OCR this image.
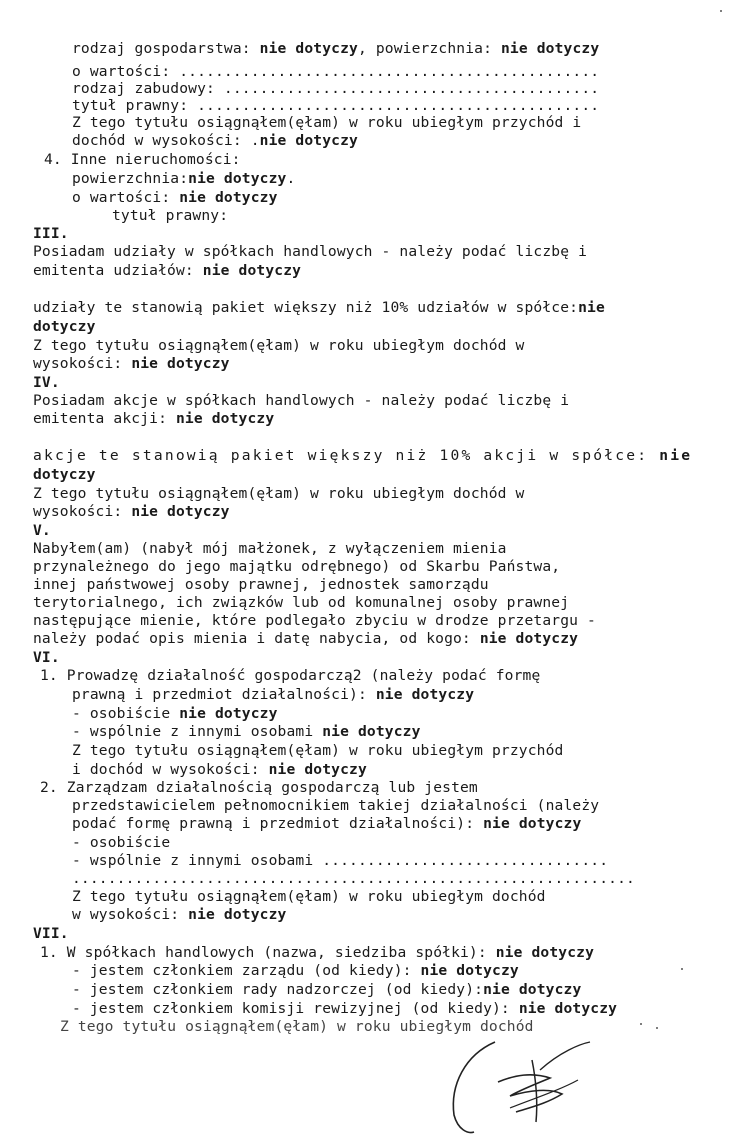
rodzaj gospodarstwa: nie dotyczy, powierzchnia: nie dotyczy
o wartości: ...............................................
rodzaj zabudowy: ..........................................
tytuł prawny: .............................................
Z tego tytułu osiągnąłem(ęłam) w roku ubiegłym przychód i
dochód w wysokości: .nie dotyczy
4. Inne nieruchomości:
powierzchnia:nie dotyczy.
o wartości: nie dotyczy
tytuł prawny:
III.
Posiadam udziały w spółkach handlowych - należy podać liczbę i
emitenta udziałów: nie dotyczy
udziały te stanowią pakiet większy niż 10% udziałów w spółce:nie
dotyczy
Z tego tytułu osiągnąłem(ęłam) w roku ubiegłym dochód w
wysokości: nie dotyczy
IV.
Posiadam akcje w spółkach handlowych - należy podać liczbę i
emitenta akcji: nie dotyczy
akcje te stanowią pakiet większy niż 10% akcji w spółce: nie
dotyczy
Z tego tytułu osiągnąłem(ęłam) w roku ubiegłym dochód w
wysokości: nie dotyczy
V.
Nabyłem(am) (nabył mój małżonek, z wyłączeniem mienia
przynależnego do jego majątku odrębnego) od Skarbu Państwa,
innej państwowej osoby prawnej, jednostek samorządu
terytorialnego, ich związków lub od komunalnej osoby prawnej
następujące mienie, które podlegało zbyciu w drodze przetargu -
należy podać opis mienia i datę nabycia, od kogo: nie dotyczy
VI.
1. Prowadzę działalność gospodarczą2 (należy podać formę
prawną i przedmiot działalności): nie dotyczy
- osobiście nie dotyczy
- wspólnie z innymi osobami nie dotyczy
Z tego tytułu osiągnąłem(ęłam) w roku ubiegłym przychód
i dochód w wysokości: nie dotyczy
2. Zarządzam działalnością gospodarczą lub jestem
przedstawicielem pełnomocnikiem takiej działalności (należy
podać formę prawną i przedmiot działalności): nie dotyczy
- osobiście
- wspólnie z innymi osobami ................................
...............................................................
Z tego tytułu osiągnąłem(ęłam) w roku ubiegłym dochód
w wysokości: nie dotyczy
VII.
1. W spółkach handlowych (nazwa, siedziba spółki): nie dotyczy
- jestem członkiem zarządu (od kiedy): nie dotyczy
- jestem członkiem rady nadzorczej (od kiedy):nie dotyczy
- jestem członkiem komisji rewizyjnej (od kiedy): nie dotyczy
Z tego tytułu osiągnąłem(ęłam) w roku ubiegłym dochód
